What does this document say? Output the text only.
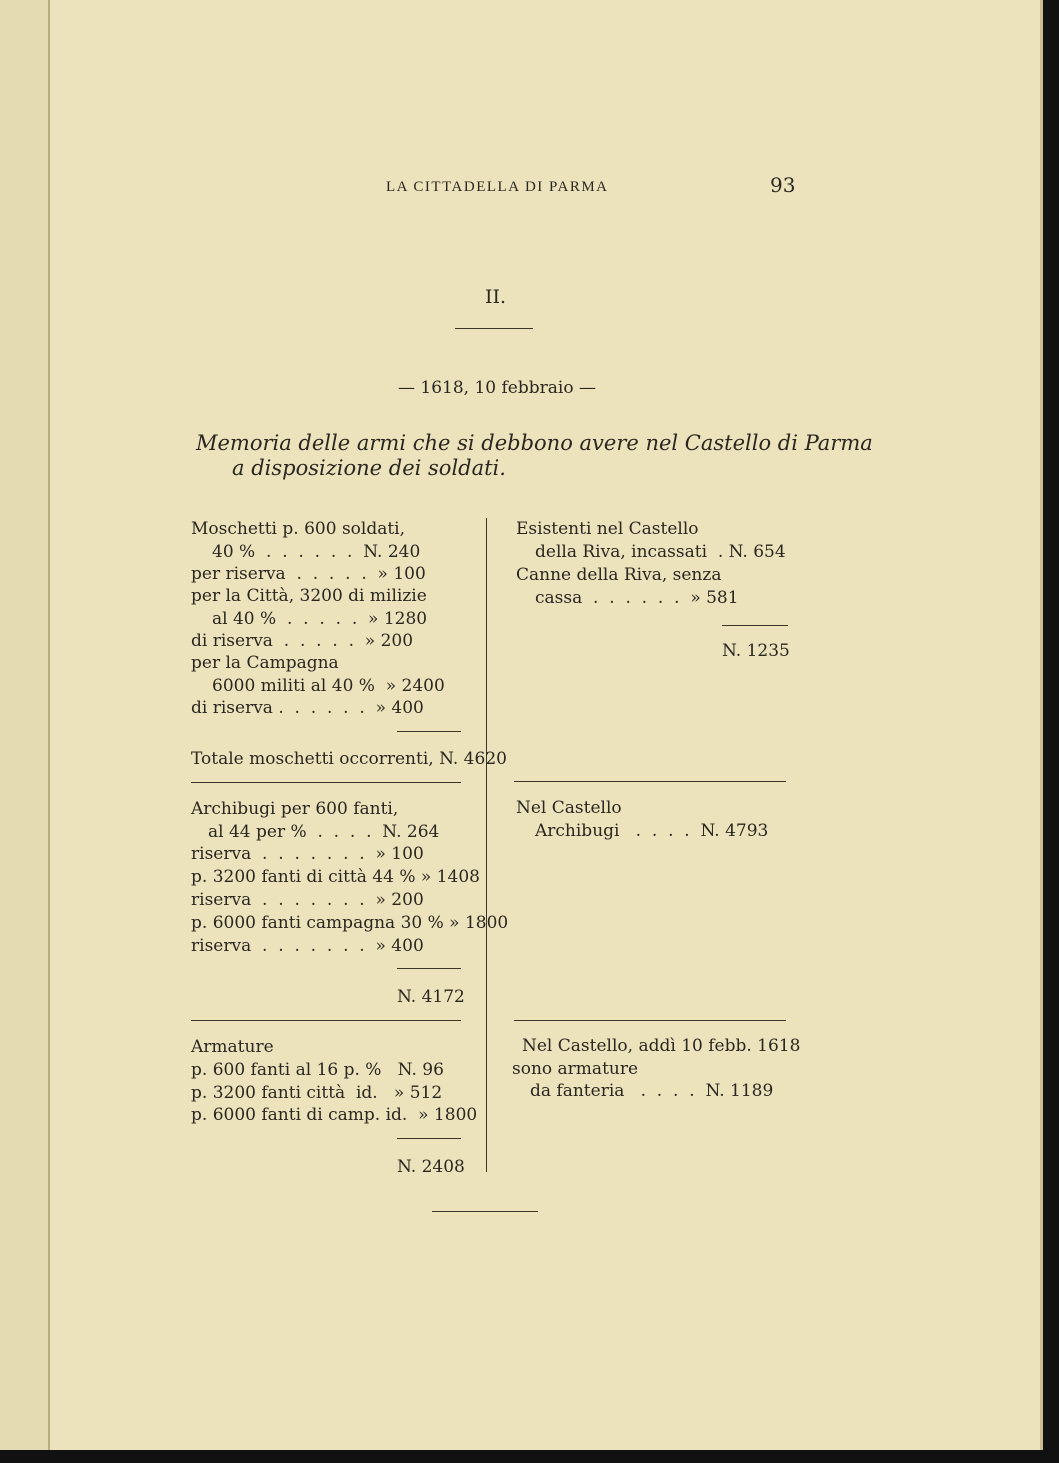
LA CITTADELLA DI PARMA	93
II.
— 1618, 10 febbraio —
Memoria delle armi che si debbono avere nel Castello di Parma
a disposizione dei soldati.
Moschetti p. 600 soldati,
40 %  .  .  .  .  .  .  N. 240
per riserva  .  .  .  .  .  » 100
per la Città, 3200 di milizie
al 40 %  .  .  .  .  .  » 1280
di riserva  .  .  .  .  .  » 200
per la Campagna
6000 militi al 40 %  » 2400
di riserva .  .  .  .  .  .  » 400
Totale moschetti occorrenti, N. 4620
Archibugi per 600 fanti,
al 44 per %  .  .  .  .  N. 264
riserva  .  .  .  .  .  .  .  » 100
p. 3200 fanti di città 44 % » 1408
riserva  .  .  .  .  .  .  .  » 200
p. 6000 fanti campagna 30 % » 1800
riserva  .  .  .  .  .  .  .  » 400
N. 4172
Armature
p. 600 fanti al 16 p. %   N. 96
p. 3200 fanti città  id.   » 512
p. 6000 fanti di camp. id.  » 1800
N. 2408
Esistenti nel Castello
della Riva, incassati  . N. 654
Canne della Riva, senza
cassa  .  .  .  .  .  .  » 581
N. 1235
Nel Castello
Archibugi   .  .  .  .  N. 4793
Nel Castello, addì 10 febb. 1618
sono armature
da fanteria   .  .  .  .  N. 1189
